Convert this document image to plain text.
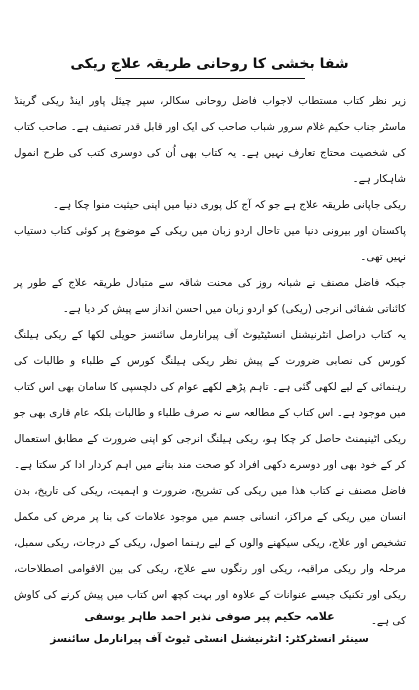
شفا بخشی کا روحانی طریقہ علاج ریکی

زیر نظر کتاب مستطاب لاجواب فاضل روحانی سکالر، سپر چیئل پاور اینڈ ریکی گرینڈ ماسٹر جناب حکیم غلام سرور شباب صاحب کی ایک اور قابل قدر تصنیف ہے۔ صاحب کتاب کی شخصیت محتاج تعارف نہیں ہے۔ یہ کتاب بھی اُن کی دوسری کتب کی طرح انمول شاہکار ہے۔

ریکی جاپانی طریقہ علاج ہے جو کہ آج کل پوری دنیا میں اپنی حیثیت منوا چکا ہے۔

پاکستان اور بیرونی دنیا میں تاحال اردو زبان میں ریکی کے موضوع پر کوئی کتاب دستیاب نہیں تھی۔

جبکہ فاضل مصنف نے شبانہ روز کی محنت شاقہ سے متبادل طریقہ علاج کے طور پر کائناتی شفائی انرجی (ریکی) کو اردو زبان میں احسن انداز سے پیش کر دیا ہے۔

یہ کتاب دراصل انٹرنیشنل انسٹیٹیوٹ آف پیرانارمل سائنسز حویلی لکھا کے ریکی ہیلنگ کورس کی نصابی ضرورت کے پیش نظر ریکی ہیلنگ کورس کے طلباء و طالبات کی رہنمائی کے لیے لکھی گئی ہے۔ تاہم پڑھے لکھے عوام کی دلچسپی کا سامان بھی اس کتاب میں موجود ہے۔ اس کتاب کے مطالعہ سے نہ صرف طلباء و طالبات بلکہ عام قاری بھی جو ریکی اٹینیمنٹ حاصل کر چکا ہو، ریکی ہیلنگ انرجی کو اپنی ضرورت کے مطابق استعمال کر کے خود بھی اور دوسرے دکھی افراد کو صحت مند بنانے میں اہم کردار ادا کر سکتا ہے۔ فاضل مصنف نے کتاب ھذا میں ریکی کی تشریح، ضرورت و اہمیت، ریکی کی تاریخ، بدن انسان میں ریکی کے مراکز، انسانی جسم میں موجود علامات کی بنا پر مرض کی مکمل تشخیص اور علاج، ریکی سیکھنے والوں کے لیے رہنما اصول، ریکی کے درجات، ریکی سمبل، مرحلہ وار ریکی مراقبہ، ریکی اور رنگوں سے علاج، ریکی کی بین الاقوامی اصطلاحات، ریکی اور تکنیک جیسے عنوانات کے علاوہ اور بہت کچھ اس کتاب میں پیش کرنے کی کاوش کی ہے۔

علامہ حکیم پیر صوفی نذیر احمد طاہر یوسفی
سینئر انسٹرکٹر: انٹرنیشنل انسٹی ٹیوٹ آف پیرانارمل سائنسز
